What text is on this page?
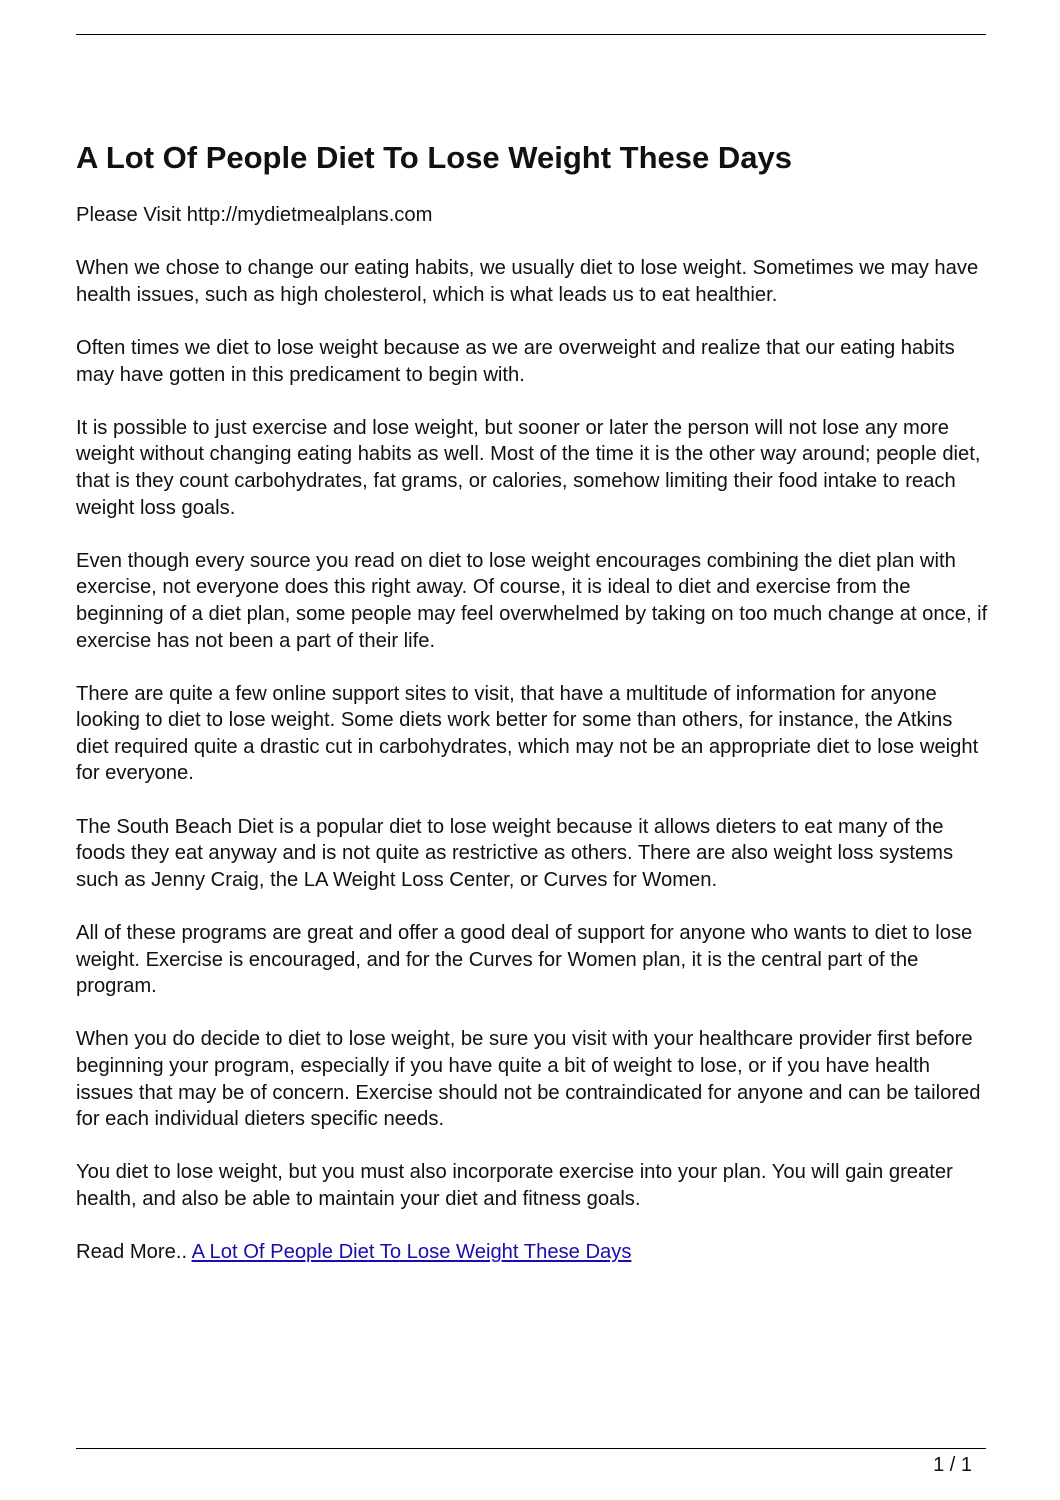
A Lot Of People Diet To Lose Weight These Days

Please Visit http://mydietmealplans.com

When we chose to change our eating habits, we usually diet to lose weight. Sometimes we may have health issues, such as high cholesterol, which is what leads us to eat healthier.

Often times we diet to lose weight because as we are overweight and realize that our eating habits may have gotten in this predicament to begin with.

It is possible to just exercise and lose weight, but sooner or later the person will not lose any more weight without changing eating habits as well. Most of the time it is the other way around; people diet, that is they count carbohydrates, fat grams, or calories, somehow limiting their food intake to reach weight loss goals.

Even though every source you read on diet to lose weight encourages combining the diet plan with exercise, not everyone does this right away. Of course, it is ideal to diet and exercise from the beginning of a diet plan, some people may feel overwhelmed by taking on too much change at once, if exercise has not been a part of their life.

There are quite a few online support sites to visit, that have a multitude of information for anyone looking to diet to lose weight. Some diets work better for some than others, for instance, the Atkins diet required quite a drastic cut in carbohydrates, which may not be an appropriate diet to lose weight for everyone.

The South Beach Diet is a popular diet to lose weight because it allows dieters to eat many of the foods they eat anyway and is not quite as restrictive as others. There are also weight loss systems such as Jenny Craig, the LA Weight Loss Center, or Curves for Women.

All of these programs are great and offer a good deal of support for anyone who wants to diet to lose weight. Exercise is encouraged, and for the Curves for Women plan, it is the central part of the program.

When you do decide to diet to lose weight, be sure you visit with your healthcare provider first before beginning your program, especially if you have quite a bit of weight to lose, or if you have health issues that may be of concern. Exercise should not be contraindicated for anyone and can be tailored for each individual dieters specific needs.

You diet to lose weight, but you must also incorporate exercise into your plan. You will gain greater health, and also be able to maintain your diet and fitness goals.

Read More.. A Lot Of People Diet To Lose Weight These Days

1 / 1
